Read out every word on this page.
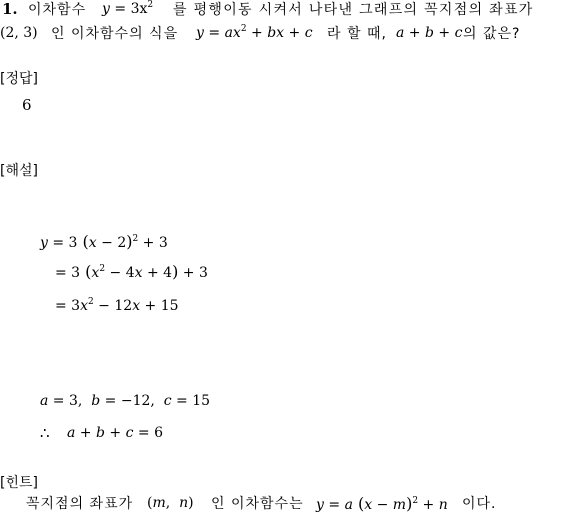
1. 이차함수 $y = 3x^2$ 를 평행이동 시켜서 나타낸 그래프의 꼭지점의 좌표가
(2, 3) 인 이차함수의 식을 $y = ax^2$ + bx + c 라 할 때, a + b + c 의 값은?
[정답]
6
[해설]
y = 3 $(x - 2)^2 + 3$
= 3 $(x^2 - 4x + 4) + 3$
= $3x^2 - 12x + 15$
a = 3,  b = −12,  c = 15
∴ a + b + c = 6
[힌트]
꼭지점의 좌표가 (m,  n) 인 이차함수는 y = a $(x - m)^2 + n$ 이다.
